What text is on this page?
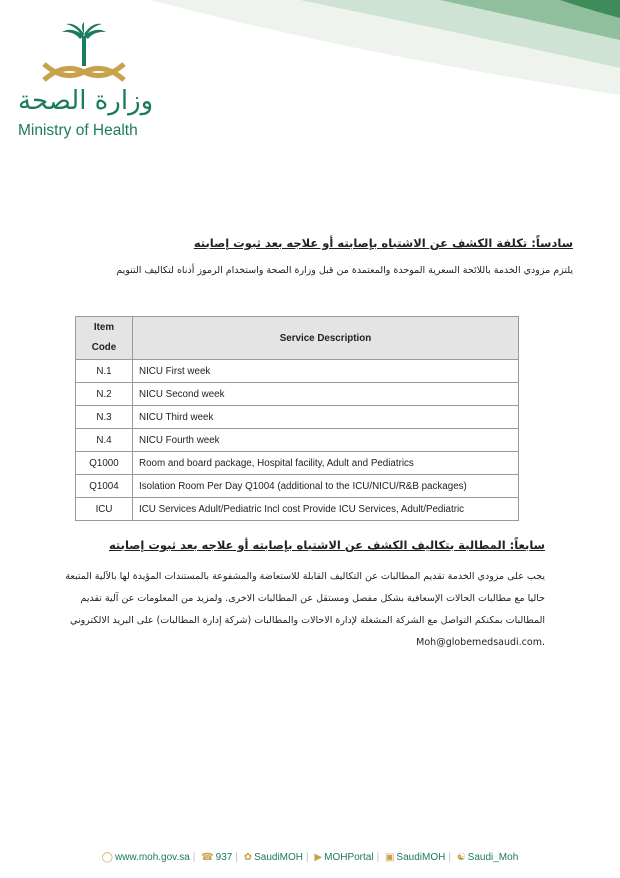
وزارة الصحة
Ministry of Health
سادساً: تكلفة الكشف عن الاشتباه بإصابته أو علاجه بعد ثبوت إصابته
يلتزم مزودي الخدمة باللائحة السعرية الموحدة والمعتمدة من قبل وزارة الصحة واستخدام الرموز أدناه لتكاليف التنويم
Item
Code	Service Description
N.1	NICU First week
N.2	NICU Second week
N.3	NICU Third week
N.4	NICU Fourth week
Q1000	Room and board package, Hospital facility, Adult and Pediatrics
Q1004	Isolation Room Per Day Q1004 (additional to the ICU/NICU/R&B packages)
ICU	ICU Services Adult/Pediatric Incl cost Provide ICU Services, Adult/Pediatric
سابعاً: المطالبة بتكاليف الكشف عن الاشتباه بإصابته أو علاجه بعد ثبوت إصابته
يجب على مزودي الخدمة تقديم المطالبات عن التكاليف القابلة للاستعاضة والمشفوعة بالمستندات المؤيدة لها بالآلية المتبعة
حاليا مع مطالبات الحالات الإسعافية بشكل مفصل ومستقل عن المطالبات الاخرى. ولمزيد من المعلومات عن آلية تقديم
المطالبات بمكنكم التواصل مع الشركة المشغلة لإدارة الاحالات والمطالبات (شركة إدارة المطالبات) على البريد الالكتروني
.Moh@globemedsaudi.com
◯ www.moh.gov.sa | ☎ 937 | ✿ SaudiMOH | ▶ MOHPortal | ▣ SaudiMOH | ☯ Saudi_Moh
